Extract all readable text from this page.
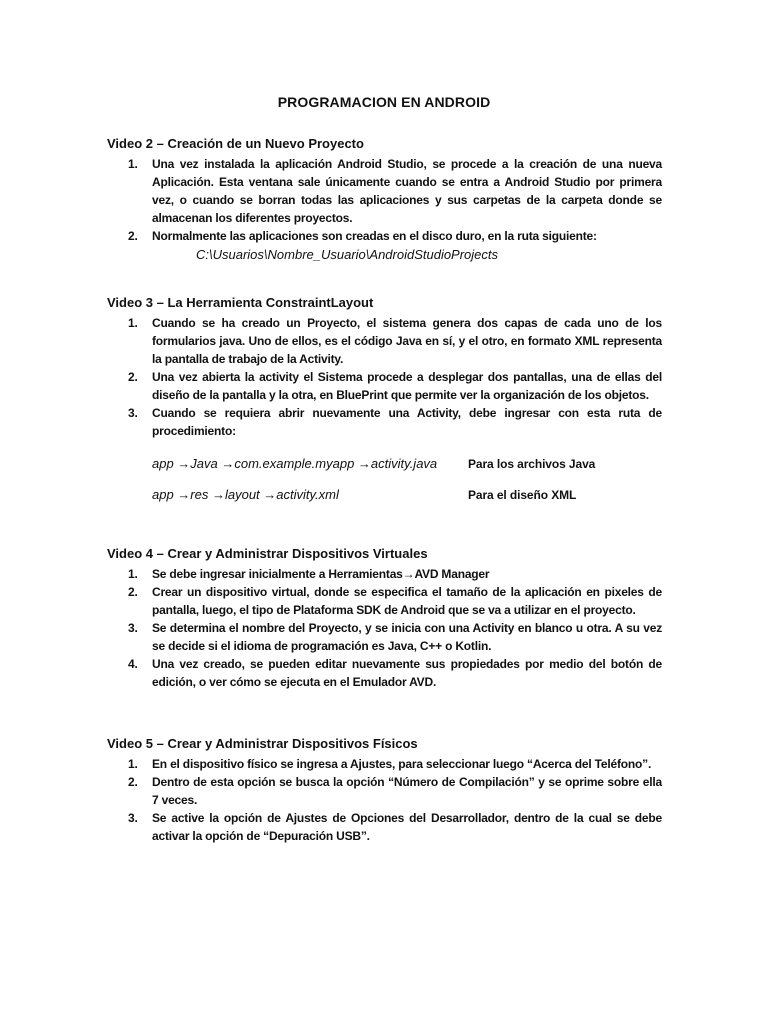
PROGRAMACION EN ANDROID
Video 2 – Creación de un Nuevo Proyecto
1. Una vez instalada la aplicación Android Studio, se procede a la creación de una nueva Aplicación. Esta ventana sale únicamente cuando se entra a Android Studio por primera vez, o cuando se borran todas las aplicaciones y sus carpetas de la carpeta donde se almacenan los diferentes proyectos.
2. Normalmente las aplicaciones son creadas en el disco duro, en la ruta siguiente:
C:\Usuarios\Nombre_Usuario\AndroidStudioProjects
Video 3 – La Herramienta ConstraintLayout
1. Cuando se ha creado un Proyecto, el sistema genera dos capas de cada uno de los formularios java. Uno de ellos, es el código Java en sí, y el otro, en formato XML representa la pantalla de trabajo de la Activity.
2. Una vez abierta la activity el Sistema procede a desplegar dos pantallas, una de ellas del diseño de la pantalla y la otra, en BluePrint que permite ver la organización de los objetos.
3. Cuando se requiera abrir nuevamente una Activity, debe ingresar con esta ruta de procedimiento:
app →Java →com.example.myapp →activity.java	Para los archivos Java
app →res →layout →activity.xml	Para el diseño XML
Video 4 – Crear y Administrar Dispositivos Virtuales
1. Se debe ingresar inicialmente a Herramientas→AVD Manager
2. Crear un dispositivo virtual, donde se especifica el tamaño de la aplicación en pixeles de pantalla, luego, el tipo de Plataforma SDK de Android que se va a utilizar en el proyecto.
3. Se determina el nombre del Proyecto, y se inicia con una Activity en blanco u otra. A su vez se decide si el idioma de programación es Java, C++ o Kotlin.
4. Una vez creado, se pueden editar nuevamente sus propiedades por medio del botón de edición, o ver cómo se ejecuta en el Emulador AVD.
Video 5 – Crear y Administrar Dispositivos Físicos
1. En el dispositivo físico se ingresa a Ajustes, para seleccionar luego “Acerca del Teléfono”.
2. Dentro de esta opción se busca la opción “Número de Compilación” y se oprime sobre ella 7 veces.
3. Se active la opción de Ajustes de Opciones del Desarrollador, dentro de la cual se debe activar la opción de “Depuración USB”.
